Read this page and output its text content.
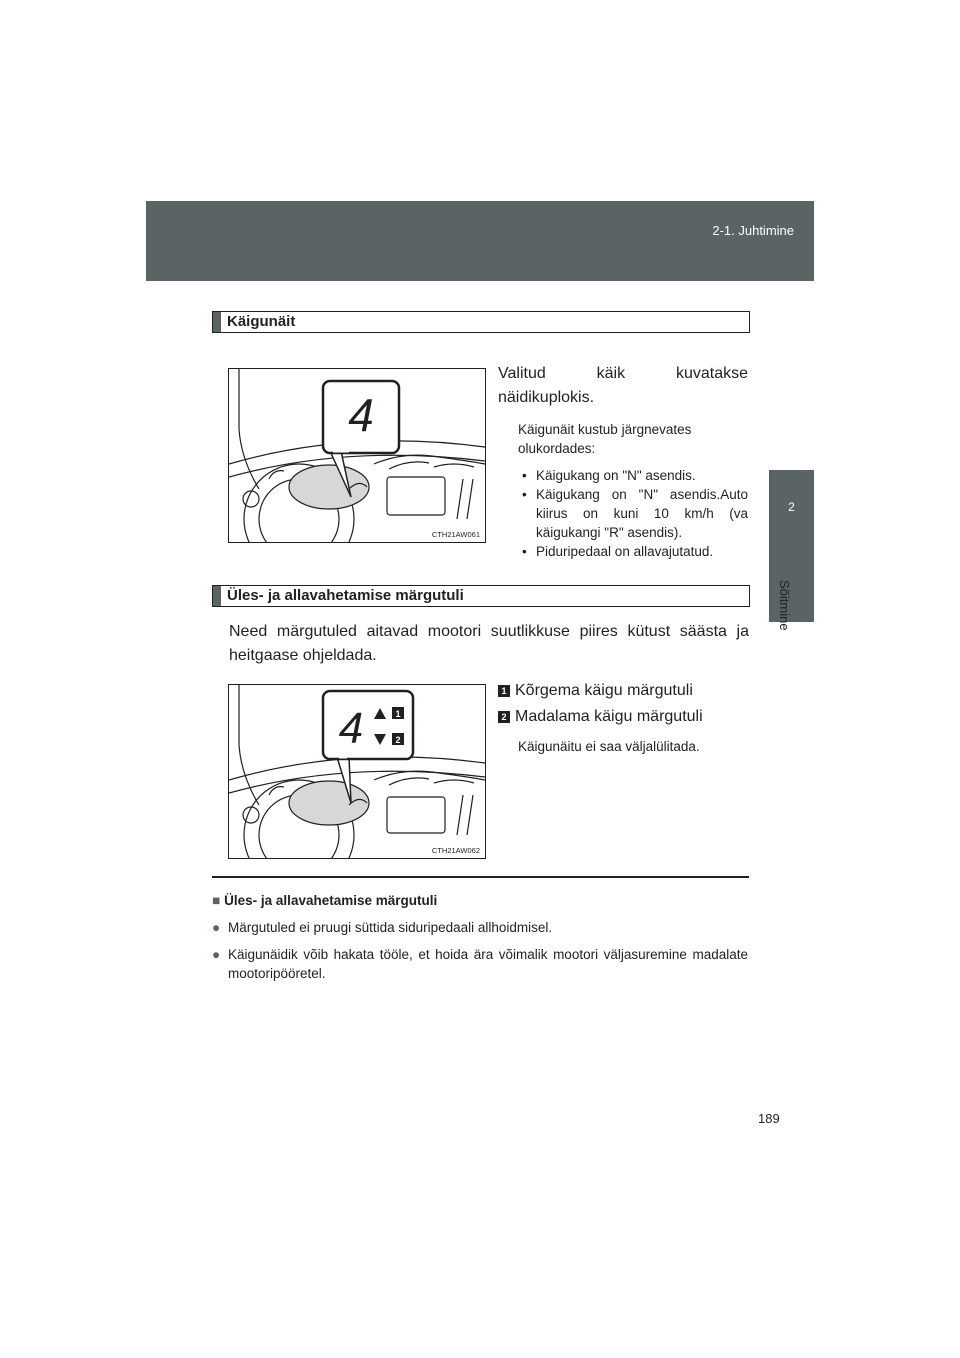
2-1. Juhtimine
2
Sõitmine
Käigunäit
4
CTH21AW061
Valitud käik kuvatakse näidikuplokis.
Käigunäit kustub järgnevates olukordades:
• Käigukang on "N" asendis.
• Käigukang on "N" asendis.Auto kiirus on kuni 10 km/h (va käigukangi "R" asendis).
• Piduripedaal on allavajutatud.
Üles- ja allavahetamise märgutuli
Need märgutuled aitavad mootori suutlikkuse piires kütust säästa ja heitgaase ohjeldada.
4	1
2
CTH21AW062
1 Kõrgema käigu märgutuli
2 Madalama käigu märgutuli
Käigunäitu ei saa väljalülitada.
■ Üles- ja allavahetamise märgutuli
● Märgutuled ei pruugi süttida siduripedaali allhoidmisel.
● Käigunäidik võib hakata tööle, et hoida ära võimalik mootori väljasuremine madalate mootoripööretel.
189
